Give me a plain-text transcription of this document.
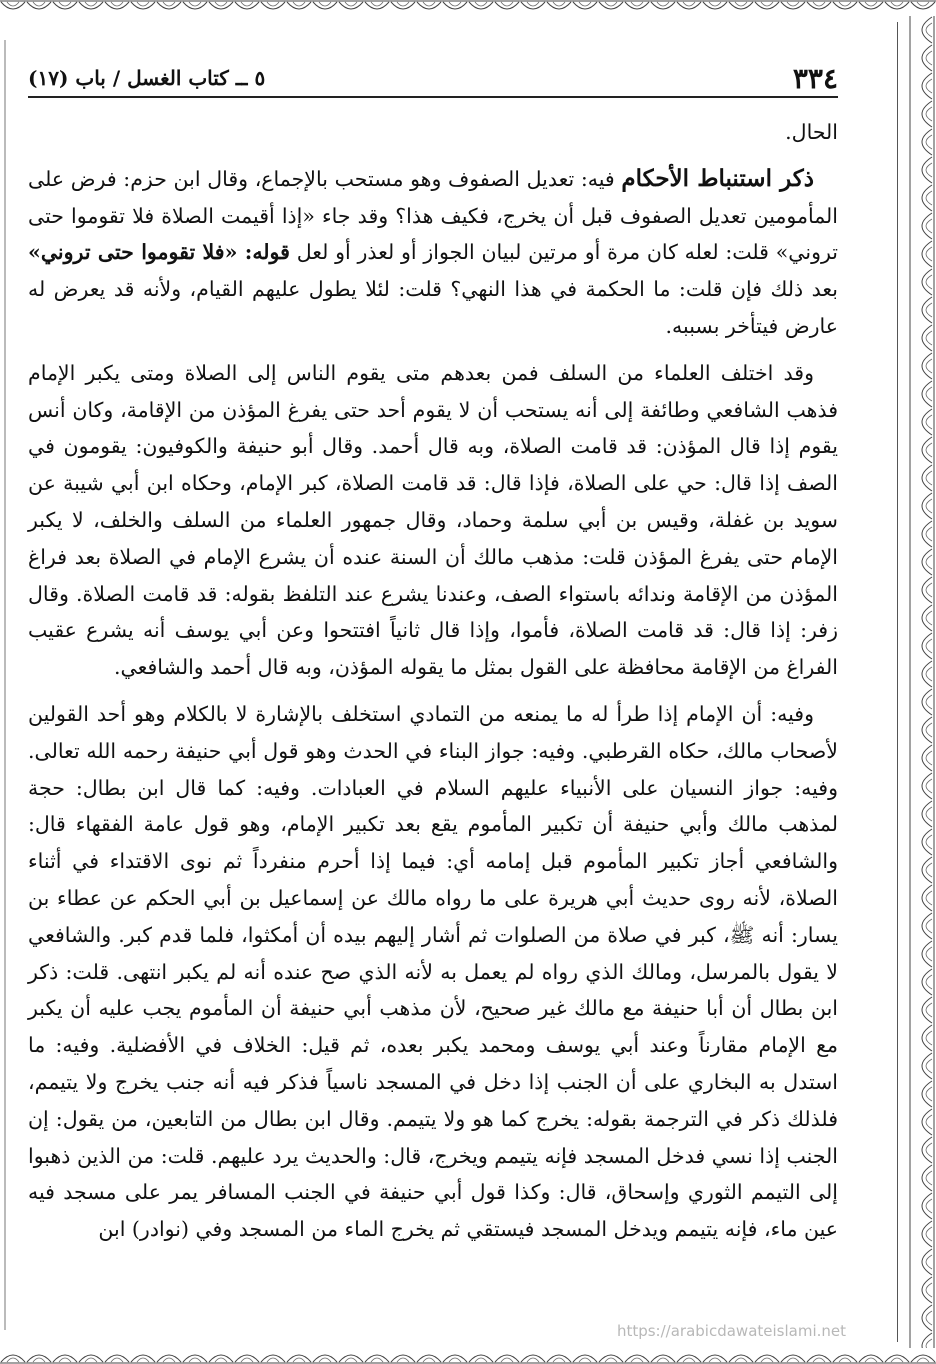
٣٣٤
٥ ــ كتاب الغسل / باب (١٧)

الحال.

ذكر استنباط الأحكام فيه: تعديل الصفوف وهو مستحب بالإجماع، وقال ابن حزم: فرض على المأمومين تعديل الصفوف قبل أن يخرج، فكيف هذا؟ وقد جاء «إذا أقيمت الصلاة فلا تقوموا حتى تروني» قلت: لعله كان مرة أو مرتين لبيان الجواز أو لعذر أو لعل قوله: «فلا تقوموا حتى تروني» بعد ذلك فإن قلت: ما الحكمة في هذا النهي؟ قلت: لئلا يطول عليهم القيام، ولأنه قد يعرض له عارض فيتأخر بسببه.

وقد اختلف العلماء من السلف فمن بعدهم متى يقوم الناس إلى الصلاة ومتى يكبر الإمام فذهب الشافعي وطائفة إلى أنه يستحب أن لا يقوم أحد حتى يفرغ المؤذن من الإقامة، وكان أنس يقوم إذا قال المؤذن: قد قامت الصلاة، وبه قال أحمد. وقال أبو حنيفة والكوفيون: يقومون في الصف إذا قال: حي على الصلاة، فإذا قال: قد قامت الصلاة، كبر الإمام، وحكاه ابن أبي شيبة عن سويد بن غفلة، وقيس بن أبي سلمة وحماد، وقال جمهور العلماء من السلف والخلف، لا يكبر الإمام حتى يفرغ المؤذن قلت: مذهب مالك أن السنة عنده أن يشرع الإمام في الصلاة بعد فراغ المؤذن من الإقامة وندائه باستواء الصف، وعندنا يشرع عند التلفظ بقوله: قد قامت الصلاة. وقال زفر: إذا قال: قد قامت الصلاة، فأموا، وإذا قال ثانياً افتتحوا وعن أبي يوسف أنه يشرع عقيب الفراغ من الإقامة محافظة على القول بمثل ما يقوله المؤذن، وبه قال أحمد والشافعي.

وفيه: أن الإمام إذا طرأ له ما يمنعه من التمادي استخلف بالإشارة لا بالكلام وهو أحد القولين لأصحاب مالك، حكاه القرطبي. وفيه: جواز البناء في الحدث وهو قول أبي حنيفة رحمه الله تعالى. وفيه: جواز النسيان على الأنبياء عليهم السلام في العبادات. وفيه: كما قال ابن بطال: حجة لمذهب مالك وأبي حنيفة أن تكبير المأموم يقع بعد تكبير الإمام، وهو قول عامة الفقهاء قال: والشافعي أجاز تكبير المأموم قبل إمامه أي: فيما إذا أحرم منفرداً ثم نوى الاقتداء في أثناء الصلاة، لأنه روى حديث أبي هريرة على ما رواه مالك عن إسماعيل بن أبي الحكم عن عطاء بن يسار: أنه ﷺ، كبر في صلاة من الصلوات ثم أشار إليهم بيده أن أمكثوا، فلما قدم كبر. والشافعي لا يقول بالمرسل، ومالك الذي رواه لم يعمل به لأنه الذي صح عنده أنه لم يكبر انتهى. قلت: ذكر ابن بطال أن أبا حنيفة مع مالك غير صحيح، لأن مذهب أبي حنيفة أن المأموم يجب عليه أن يكبر مع الإمام مقارناً وعند أبي يوسف ومحمد يكبر بعده، ثم قيل: الخلاف في الأفضلية. وفيه: ما استدل به البخاري على أن الجنب إذا دخل في المسجد ناسياً فذكر فيه أنه جنب يخرج ولا يتيمم، فلذلك ذكر في الترجمة بقوله: يخرج كما هو ولا يتيمم. وقال ابن بطال من التابعين، من يقول: إن الجنب إذا نسي فدخل المسجد فإنه يتيمم ويخرج، قال: والحديث يرد عليهم. قلت: من الذين ذهبوا إلى التيمم الثوري وإسحاق، قال: وكذا قول أبي حنيفة في الجنب المسافر يمر على مسجد فيه عين ماء، فإنه يتيمم ويدخل المسجد فيستقي ثم يخرج الماء من المسجد وفي (نوادر) ابن

https://arabicdawateislami.net
